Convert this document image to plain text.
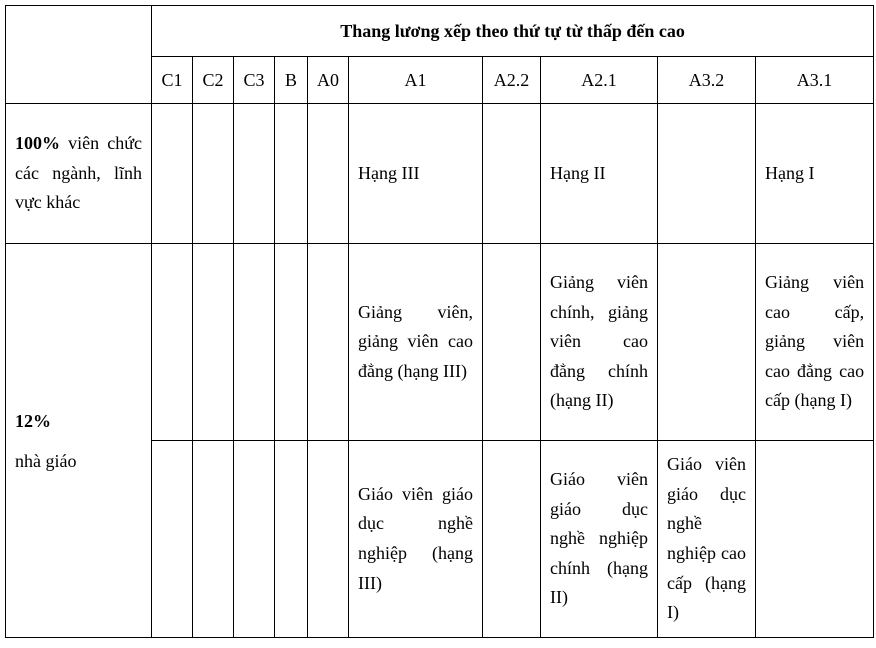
	Thang lương xếp theo thứ tự từ thấp đến cao									
	C1	C2	C3	B	A0	A1	A2.2	A2.1	A3.2	A3.1

100% viên chức các ngành, lĩnh vực khác						Hạng III		Hạng II		Hạng I

12%
nhà giáo						Giảng viên, giảng viên cao đẳng (hạng III)		Giảng viên chính, giảng viên cao đẳng chính (hạng II)		Giảng viên cao cấp, giảng viên cao đẳng cao cấp (hạng I)

						Giáo viên giáo dục nghề nghiệp (hạng III)		Giáo viên giáo dục nghề nghiệp chính (hạng II)	Giáo viên giáo dục nghề nghiệp cao cấp (hạng I)	
